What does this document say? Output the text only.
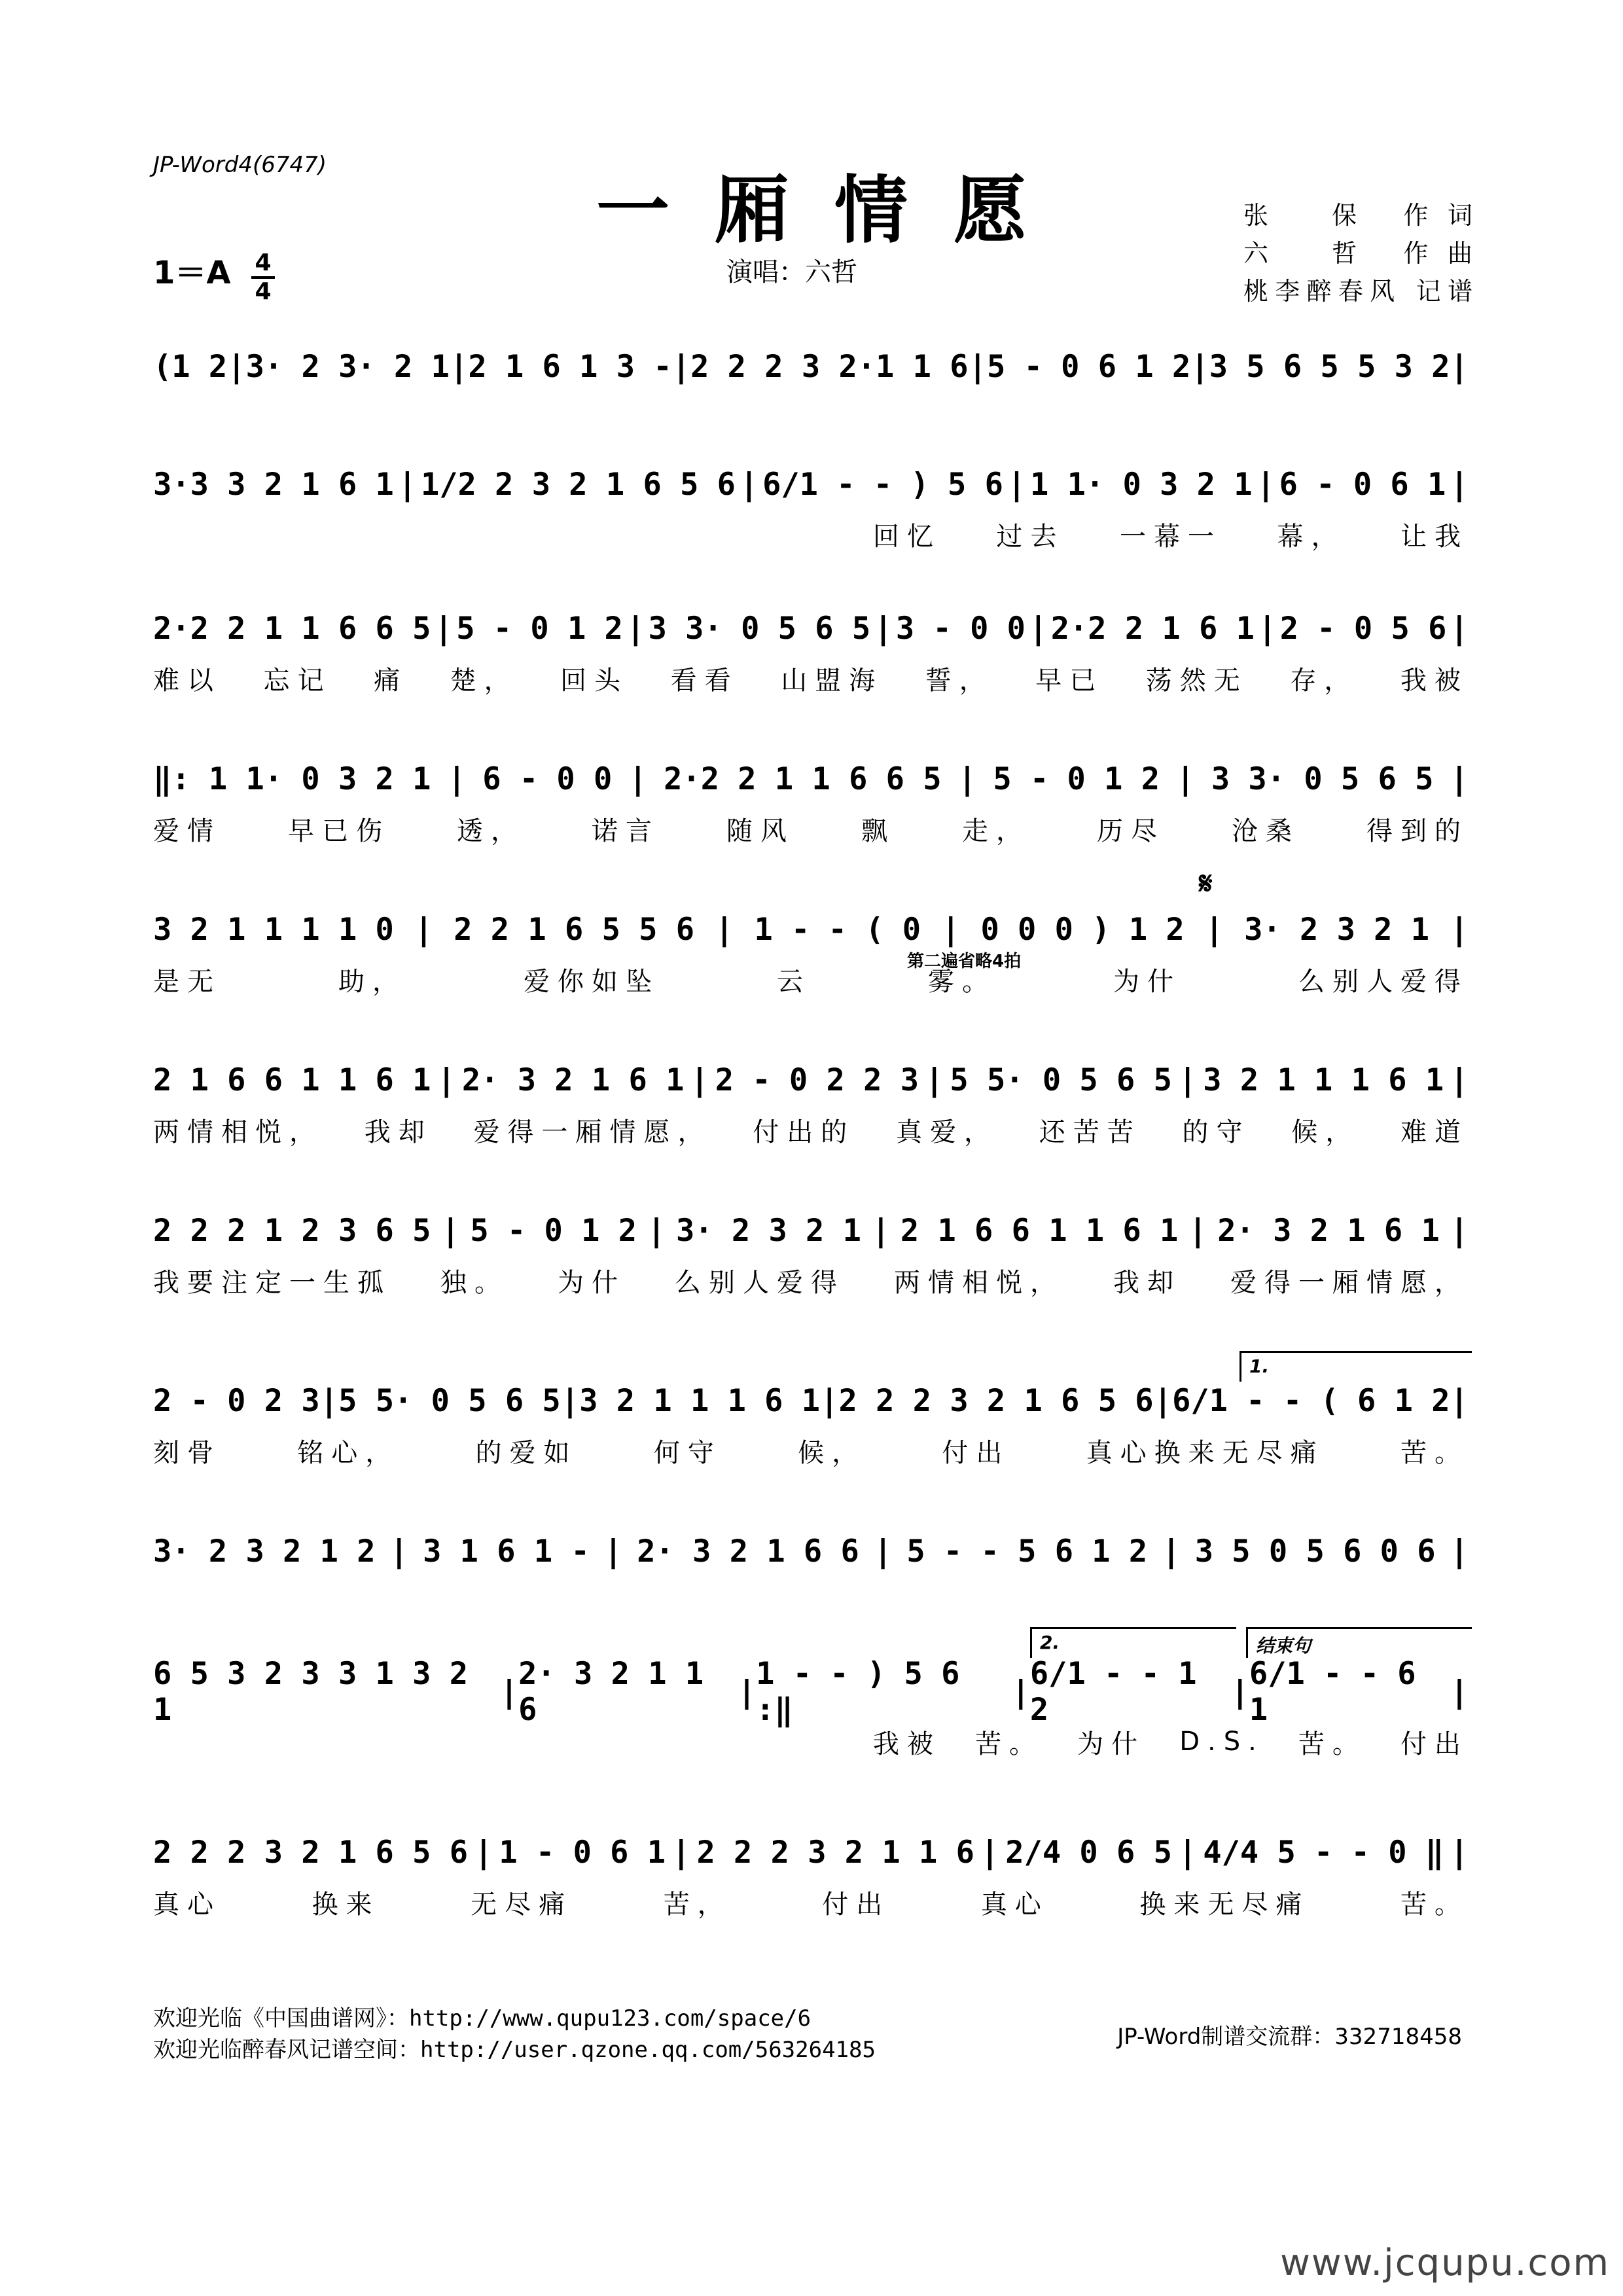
JP-Word4(6747)
一厢情愿
1＝A 4
4
演唱：六哲
张　保 作词
六　哲 作曲
桃李醉春风 记谱
(1 2 | 3· 2 3· 2 1 | 2 1 6 1 3 - | 2 2 2 3 2·1 1 6 | 5 - 0 6 1 2 | 3 5 6 5 5 3 2 |
3·3 3 2 1 6 1 | 1/2 2 3 2 1 6 5 6 | 6/1 - - ) 5 6 | 1 1· 0 3 2 1 | 6 - 0 6 1 |
回忆 过去 一幕一 幕， 让我
2·2 2 1 1 6 6 5 | 5 - 0 1 2 | 3 3· 0 5 6 5 | 3 - 0 0 | 2·2 2 1 6 1 | 2 - 0 5 6 |
难以 忘记 痛 楚， 回头 看看 山盟海 誓， 早已 荡然无 存， 我被
‖: 1 1· 0 3 2 1 | 6 - 0 0 | 2·2 2 1 1 6 6 5 | 5 - 0 1 2 | 3 3· 0 5 6 5 |
爱情	早已伤	透，	诺言	随风	飘	走，	历尽	沧桑	得到的
3 2 1 1 1 1 0 | 2 2 1 6 5 5 6 | 1 - - ( 0 | 0 0 0 ) 1 2 | 3· 2 3 2 1 |
是无	助，	爱你如坠	云	雾。	为什	么别人爱得
2 1 6 6 1 1 6 1 | 2· 3 2 1 6 1 | 2 - 0 2 2 3 | 5 5· 0 5 6 5 | 3 2 1 1 1 6 1 |
两情相悦， 我却 爱得一厢情愿， 付出的 真爱， 还苦苦 的守 候， 难道
2 2 2 1 2 3 6 5 | 5 - 0 1 2 | 3· 2 3 2 1 | 2 1 6 6 1 1 6 1 | 2· 3 2 1 6 1 |
我要注定一生孤 独。 为什 么别人爱得 两情相悦， 我却 爱得一厢情愿，
2 - 0 2 3 | 5 5· 0 5 6 5 | 3 2 1 1 1 6 1 | 2 2 2 3 2 1 6 5 6 | 6/1 - - ( 6 1 2 |
刻骨	铭心，	的爱如	何守	候，	付出	真心换来无尽痛	苦。
3· 2 3 2 1 2 | 3 1 6 1 - | 2· 3 2 1 6 6 | 5 - - 5 6 1 2 | 3 5 0 5 6 0 6 |
6 5 3 2 3 3 1 3 2 1	| 2· 3 2 1 1 6	| 1 - - ) 5 6 :‖	| 6/1 - - 1 2	| 6/1 - - 6 1	|
我被 苦。 为什 D.S. 苦。 付出
2 2 2 3 2 1 6 5 6 | 1 - 0 6 1 | 2 2 2 3 2 1 1 6 | 2/4 0 6 5 | 4/4 5 - - 0 ‖ |
真心	换来	无尽痛	苦，	付出	真心	换来无尽痛	苦。
𝄋
第二遍省略4拍
1.
2.	结束句
欢迎光临《中国曲谱网》：http://www.qupu123.com/space/6
欢迎光临醉春风记谱空间：http://user.qzone.qq.com/563264185	JP-Word制谱交流群：332718458
www.jcqupu.com
